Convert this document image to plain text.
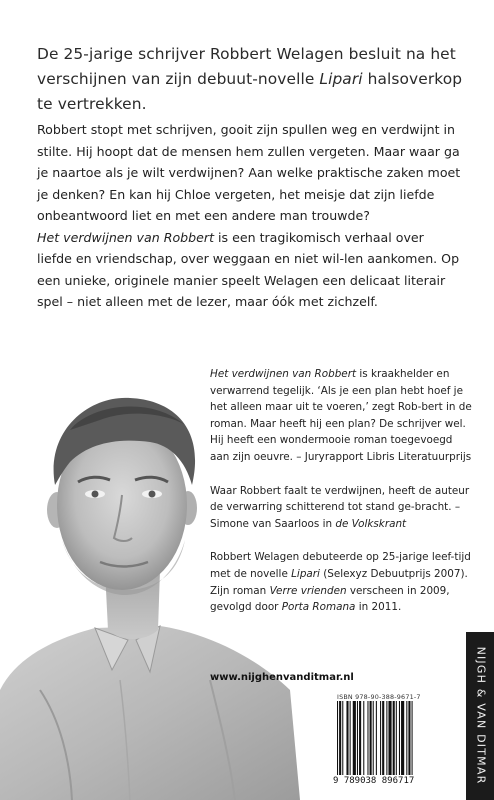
De 25-jarige schrijver Robbert Welagen besluit na het verschijnen van zijn debuut-novelle Lipari halsoverkop te vertrekken.

Robbert stopt met schrijven, gooit zijn spullen weg en verdwijnt in stilte. Hij hoopt dat de mensen hem zullen vergeten. Maar waar ga je naartoe als je wilt verdwijnen? Aan welke praktische zaken moet je denken? En kan hij Chloe vergeten, het meisje dat zijn liefde onbeantwoord liet en met een andere man trouwde?

Het verdwijnen van Robbert is een tragikomisch verhaal over liefde en vriendschap, over weggaan en niet wil-len aankomen. Op een unieke, originele manier speelt Welagen een delicaat literair spel – niet alleen met de lezer, maar óók met zichzelf.

Het verdwijnen van Robbert is kraakhelder en verwarrend tegelijk. ‘Als je een plan hebt hoef je het alleen maar uit te voeren,’ zegt Rob-bert in de roman. Maar heeft hij een plan? De schrijver wel. Hij heeft een wondermooie roman toegevoegd aan zijn oeuvre. – Juryrapport Libris Literatuurprijs

Waar Robbert faalt te verdwijnen, heeft de auteur de verwarring schitterend tot stand ge-bracht. – Simone van Saarloos in de Volkskrant

Robbert Welagen debuteerde op 25-jarige leef-tijd met de novelle Lipari (Selexyz Debuutprijs 2007). Zijn roman Verre vrienden verscheen in 2009, gevolgd door Porta Romana in 2011.

www.nijghenvanditmar.nl
ISBN 978-90-388-9671-7
9 789038 896717	NIJGH & VAN DITMAR
